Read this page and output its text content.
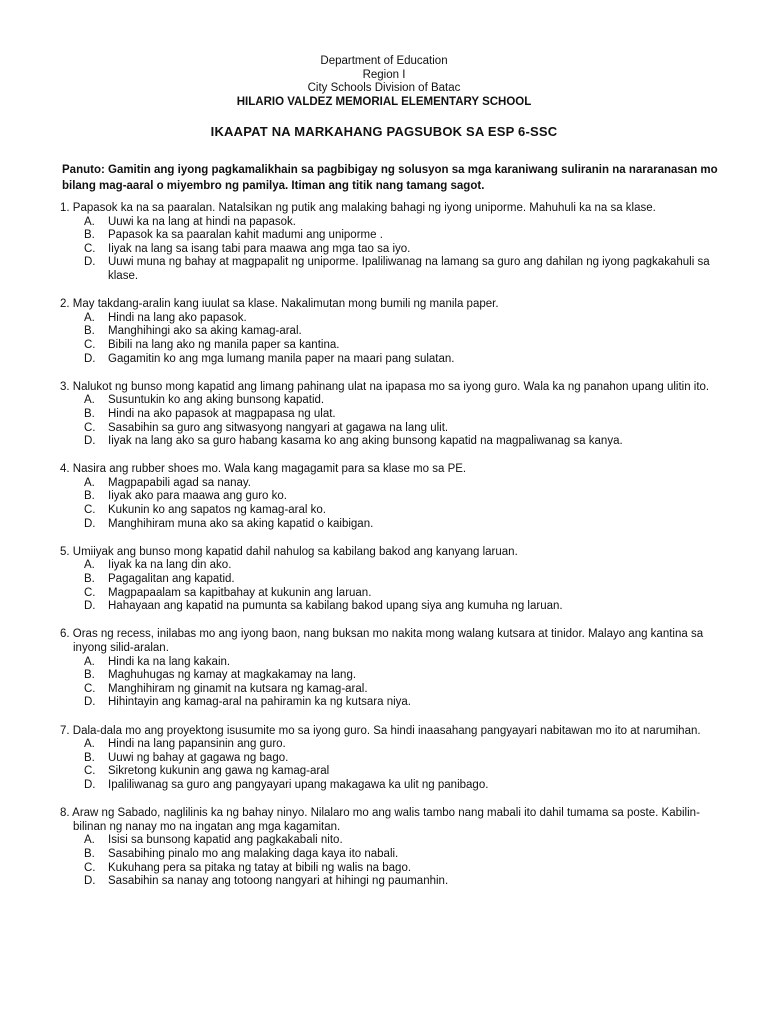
Department of Education
Region I
City Schools Division of Batac
HILARIO VALDEZ MEMORIAL ELEMENTARY SCHOOL
IKAAPAT NA MARKAHANG PAGSUBOK SA ESP 6-SSC
Panuto: Gamitin ang iyong pagkamalikhain sa pagbibigay ng solusyon sa mga karaniwang suliranin na nararanasan mo bilang mag-aaral o miyembro ng pamilya. Itiman ang titik nang tamang sagot.
1. Papasok ka na sa paaralan. Natalsikan ng putik ang malaking bahagi ng iyong uniporme. Mahuhuli ka na sa klase.
A. Uuwi ka na lang at hindi na papasok.
B. Papasok ka sa paaralan kahit madumi ang uniporme .
C. Iiyak na lang sa isang tabi para maawa ang mga tao sa iyo.
D. Uuwi muna ng bahay at magpapalit ng uniporme. Ipaliliwanag na lamang sa guro ang dahilan ng iyong pagkakahuli sa klase.
2. May takdang-aralin kang iuulat sa klase. Nakalimutan mong bumili ng manila paper.
A. Hindi na lang ako papasok.
B. Manghihingi ako sa aking kamag-aral.
C. Bibili na lang ako ng manila paper sa kantina.
D. Gagamitin ko ang mga lumang manila paper na maari pang sulatan.
3. Nalukot ng bunso mong kapatid ang limang pahinang ulat na ipapasa mo sa iyong guro. Wala ka ng panahon upang ulitin ito.
A. Susuntukin ko ang aking bunsong kapatid.
B. Hindi na ako papasok at magpapasa ng ulat.
C. Sasabihin sa guro ang sitwasyong nangyari at gagawa na lang ulit.
D. Iiyak na lang ako sa guro habang kasama ko ang aking bunsong kapatid na magpaliwanag sa kanya.
4. Nasira ang rubber shoes mo. Wala kang magagamit para sa klase mo sa PE.
A. Magpapabili agad sa nanay.
B. Iiyak ako para maawa ang guro ko.
C. Kukunin ko ang sapatos ng kamag-aral ko.
D. Manghihiram muna ako sa aking kapatid o kaibigan.
5. Umiiyak ang bunso mong kapatid dahil nahulog sa kabilang bakod ang kanyang laruan.
A. Iiyak ka na lang din ako.
B. Pagagalitan ang kapatid.
C. Magpapaalam sa kapitbahay at kukunin ang laruan.
D. Hahayaan ang kapatid na pumunta sa kabilang bakod upang siya ang kumuha ng laruan.
6. Oras ng recess, inilabas mo ang iyong baon, nang buksan mo nakita mong walang kutsara at tinidor. Malayo ang kantina sa inyong silid-aralan.
A. Hindi ka na lang kakain.
B. Maghuhugas ng kamay at magkakamay na lang.
C. Manghihiram ng ginamit na kutsara ng kamag-aral.
D. Hihintayin ang kamag-aral na pahiramin ka ng kutsara niya.
7. Dala-dala mo ang proyektong isusumite mo sa iyong guro. Sa hindi inaasahang pangyayari nabitawan mo ito at narumihan.
A. Hindi na lang papansinin ang guro.
B. Uuwi ng bahay at gagawa ng bago.
C. Sikretong kukunin ang gawa ng kamag-aral
D. Ipaliliwanag sa guro ang pangyayari upang makagawa ka ulit ng panibago.
8. Araw ng Sabado, naglilinis ka ng bahay ninyo. Nilalaro mo ang walis tambo nang mabali ito dahil tumama sa poste. Kabilin-bilinan ng nanay mo na ingatan ang mga kagamitan.
A. Isisi sa bunsong kapatid ang pagkakabali nito.
B. Sasabihing pinalo mo ang malaking daga kaya ito nabali.
C. Kukuhang pera sa pitaka ng tatay at bibili ng walis na bago.
D. Sasabihin sa nanay ang totoong nangyari at hihingi ng paumanhin.
